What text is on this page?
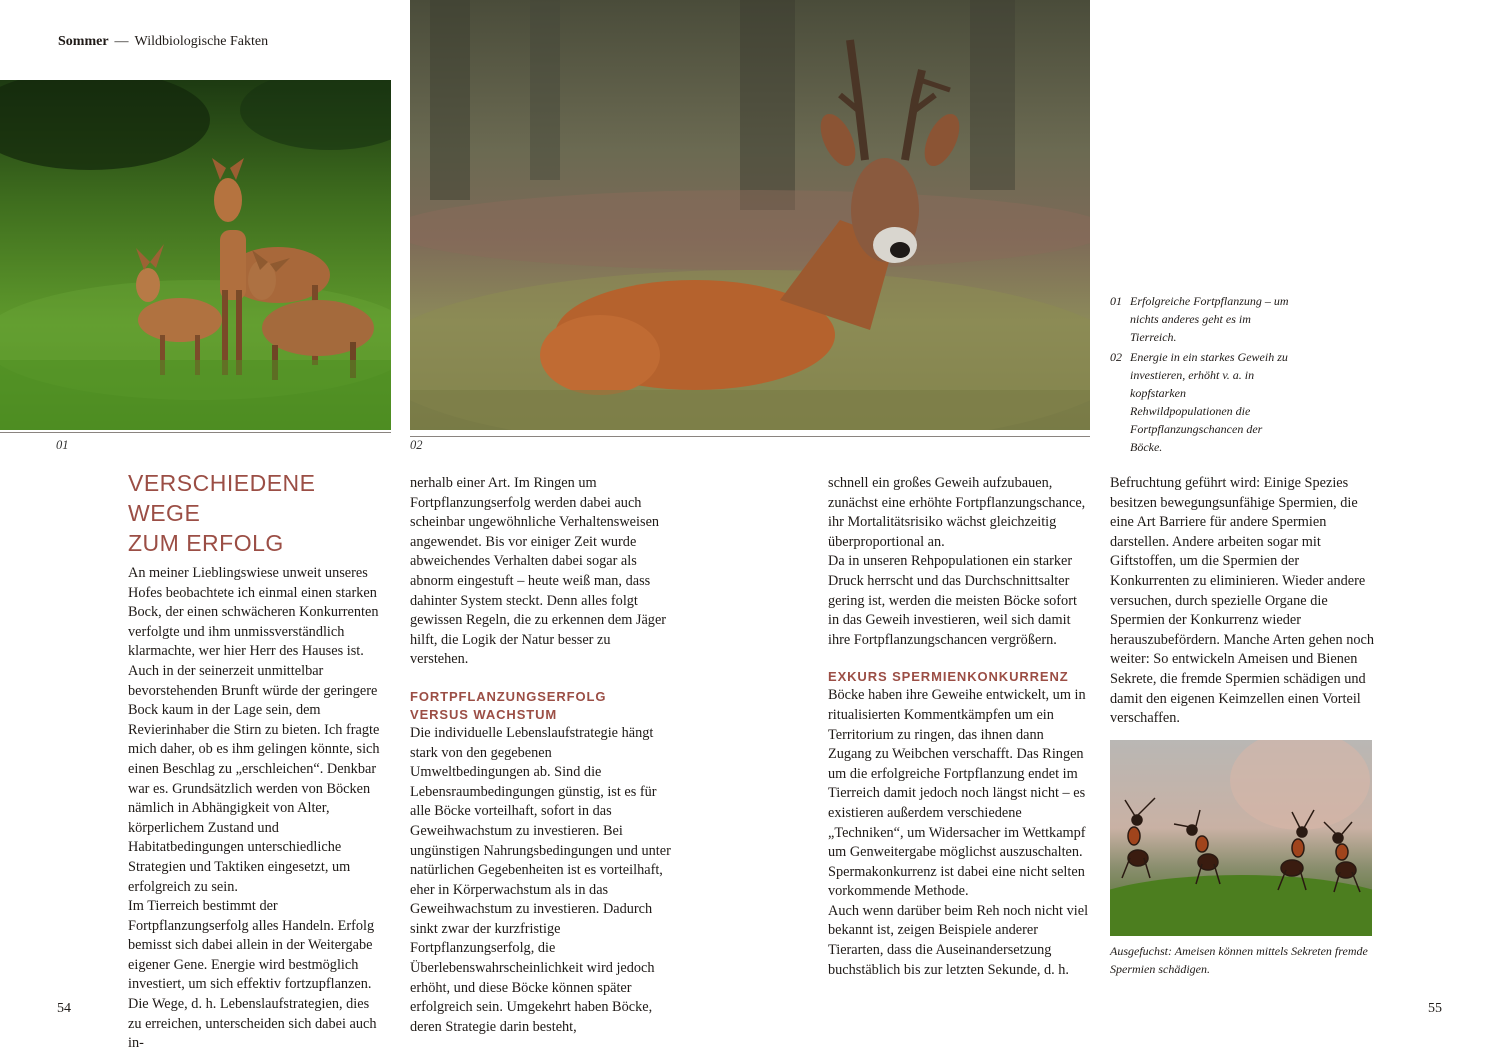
Sommer — Wildbiologische Fakten
01	02
01 Erfolgreiche Fortpflanzung – um nichts anderes geht es im Tierreich.
02 Energie in ein starkes Geweih zu investieren, erhöht v. a. in kopfstarken Rehwildpopulationen die Fortpflanzungschancen der Böcke.
VERSCHIEDENE WEGE
ZUM ERFOLG

An meiner Lieblingswiese unweit unseres Hofes beobachtete ich einmal einen starken Bock, der einen schwächeren Konkurrenten verfolgte und ihm unmissverständlich klarmachte, wer hier Herr des Hauses ist. Auch in der seinerzeit unmittelbar bevorstehenden Brunft würde der geringere Bock kaum in der Lage sein, dem Revierinhaber die Stirn zu bieten. Ich fragte mich daher, ob es ihm gelingen könnte, sich einen Beschlag zu „erschleichen“. Denkbar war es. Grundsätzlich werden von Böcken nämlich in Abhängigkeit von Alter, körperlichem Zustand und Habitatbedingungen unterschiedliche Strategien und Taktiken eingesetzt, um erfolgreich zu sein.

Im Tierreich bestimmt der Fortpflanzungserfolg alles Handeln. Erfolg bemisst sich dabei allein in der Weitergabe eigener Gene. Energie wird bestmöglich investiert, um sich effektiv fortzupflanzen.

Die Wege, d. h. Lebenslaufstrategien, dies zu erreichen, unterscheiden sich dabei auch in-

nerhalb einer Art. Im Ringen um Fortpflanzungserfolg werden dabei auch scheinbar ungewöhnliche Verhaltensweisen angewendet. Bis vor einiger Zeit wurde abweichendes Verhalten dabei sogar als abnorm eingestuft – heute weiß man, dass dahinter System steckt. Denn alles folgt gewissen Regeln, die zu erkennen dem Jäger hilft, die Logik der Natur besser zu verstehen.

FORTPFLANZUNGSERFOLG
VERSUS WACHSTUM

Die individuelle Lebenslaufstrategie hängt stark von den gegebenen Umweltbedingungen ab. Sind die Lebensraumbedingungen günstig, ist es für alle Böcke vorteilhaft, sofort in das Geweihwachstum zu investieren. Bei ungünstigen Nahrungsbedingungen und unter natürlichen Gegebenheiten ist es vorteilhaft, eher in Körperwachstum als in das Geweihwachstum zu investieren. Dadurch sinkt zwar der kurzfristige Fortpflanzungserfolg, die Überlebenswahrscheinlichkeit wird jedoch erhöht, und diese Böcke können später erfolgreich sein. Umgekehrt haben Böcke, deren Strategie darin besteht,

schnell ein großes Geweih aufzubauen, zunächst eine erhöhte Fortpflanzungschance, ihr Mortalitätsrisiko wächst gleichzeitig überproportional an.

Da in unseren Rehpopulationen ein starker Druck herrscht und das Durchschnittsalter gering ist, werden die meisten Böcke sofort in das Geweih investieren, weil sich damit ihre Fortpflanzungschancen vergrößern.

EXKURS SPERMIENKONKURRENZ

Böcke haben ihre Geweihe entwickelt, um in ritualisierten Kommentkämpfen um ein Territorium zu ringen, das ihnen dann Zugang zu Weibchen verschafft. Das Ringen um die erfolgreiche Fortpflanzung endet im Tierreich damit jedoch noch längst nicht – es existieren außerdem verschiedene „Techniken“, um Widersacher im Wettkampf um Genweitergabe möglichst auszuschalten. Spermakonkurrenz ist dabei eine nicht selten vorkommende Methode.

Auch wenn darüber beim Reh noch nicht viel bekannt ist, zeigen Beispiele anderer Tierarten, dass die Auseinandersetzung buchstäblich bis zur letzten Sekunde, d. h.

Befruchtung geführt wird: Einige Spezies besitzen bewegungsunfähige Spermien, die eine Art Barriere für andere Spermien darstellen. Andere arbeiten sogar mit Giftstoffen, um die Spermien der Konkurrenten zu eliminieren. Wieder andere versuchen, durch spezielle Organe die Spermien der Konkurrenz wieder herauszubefördern. Manche Arten gehen noch weiter: So entwickeln Ameisen und Bienen Sekrete, die fremde Spermien schädigen und damit den eigenen Keimzellen einen Vorteil verschaffen.

Ausgefuchst: Ameisen können mittels Sekreten fremde Spermien schädigen.
54	55
